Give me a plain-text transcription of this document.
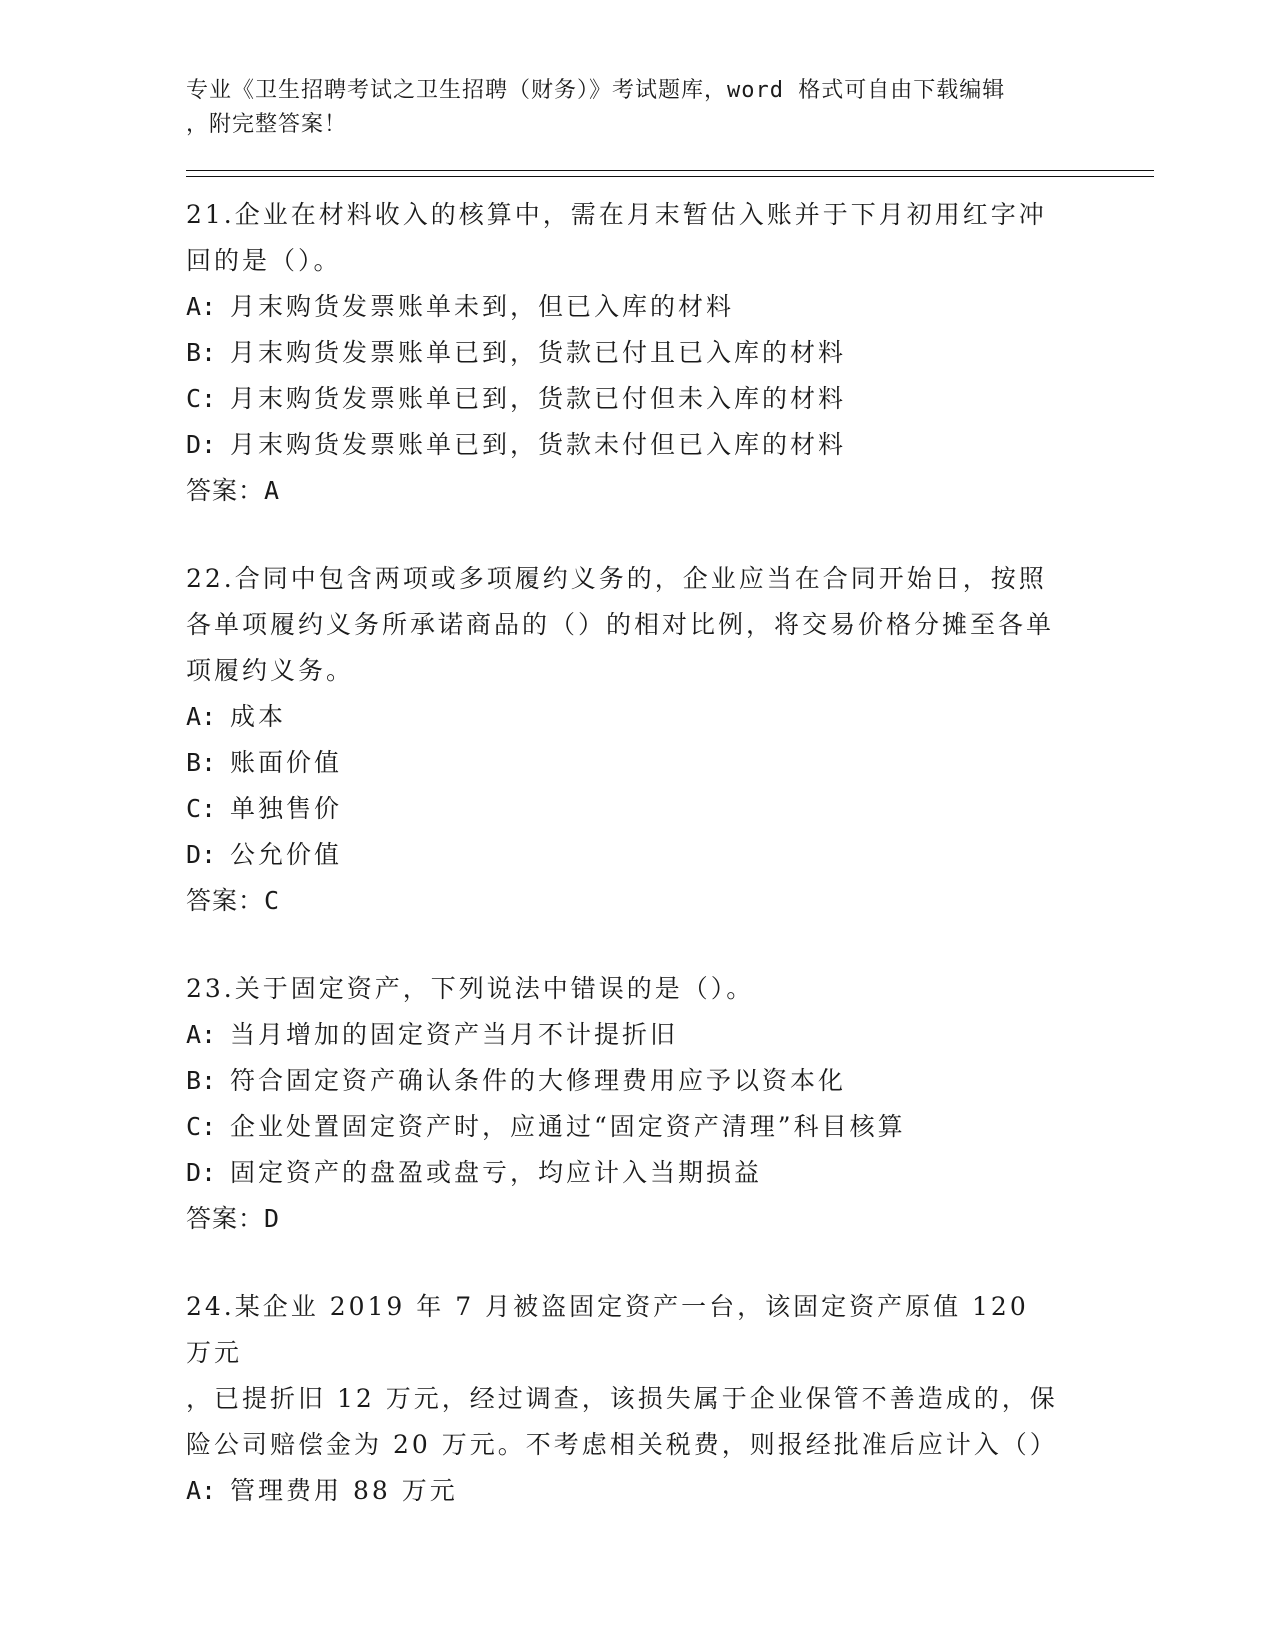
专业《卫生招聘考试之卫生招聘（财务）》考试题库，word 格式可自由下载编辑
，附完整答案！

21.企业在材料收入的核算中，需在月末暂估入账并于下月初用红字冲回的是（）。

A: 月末购货发票账单未到，但已入库的材料

B: 月末购货发票账单已到，货款已付且已入库的材料

C: 月末购货发票账单已到，货款已付但未入库的材料

D: 月末购货发票账单已到，货款未付但已入库的材料

答案：A

22.合同中包含两项或多项履约义务的，企业应当在合同开始日，按照各单项履约义务所承诺商品的（）的相对比例，将交易价格分摊至各单项履约义务。

A: 成本

B: 账面价值

C: 单独售价

D: 公允价值

答案：C

23.关于固定资产，下列说法中错误的是（）。

A: 当月增加的固定资产当月不计提折旧

B: 符合固定资产确认条件的大修理费用应予以资本化

C: 企业处置固定资产时，应通过“固定资产清理”科目核算

D: 固定资产的盘盈或盘亏，均应计入当期损益

答案：D

24.某企业 2019 年 7 月被盗固定资产一台，该固定资产原值 120 万元

，已提折旧 12 万元，经过调查，该损失属于企业保管不善造成的，保

险公司赔偿金为 20 万元。不考虑相关税费，则报经批准后应计入（）

A: 管理费用 88 万元
